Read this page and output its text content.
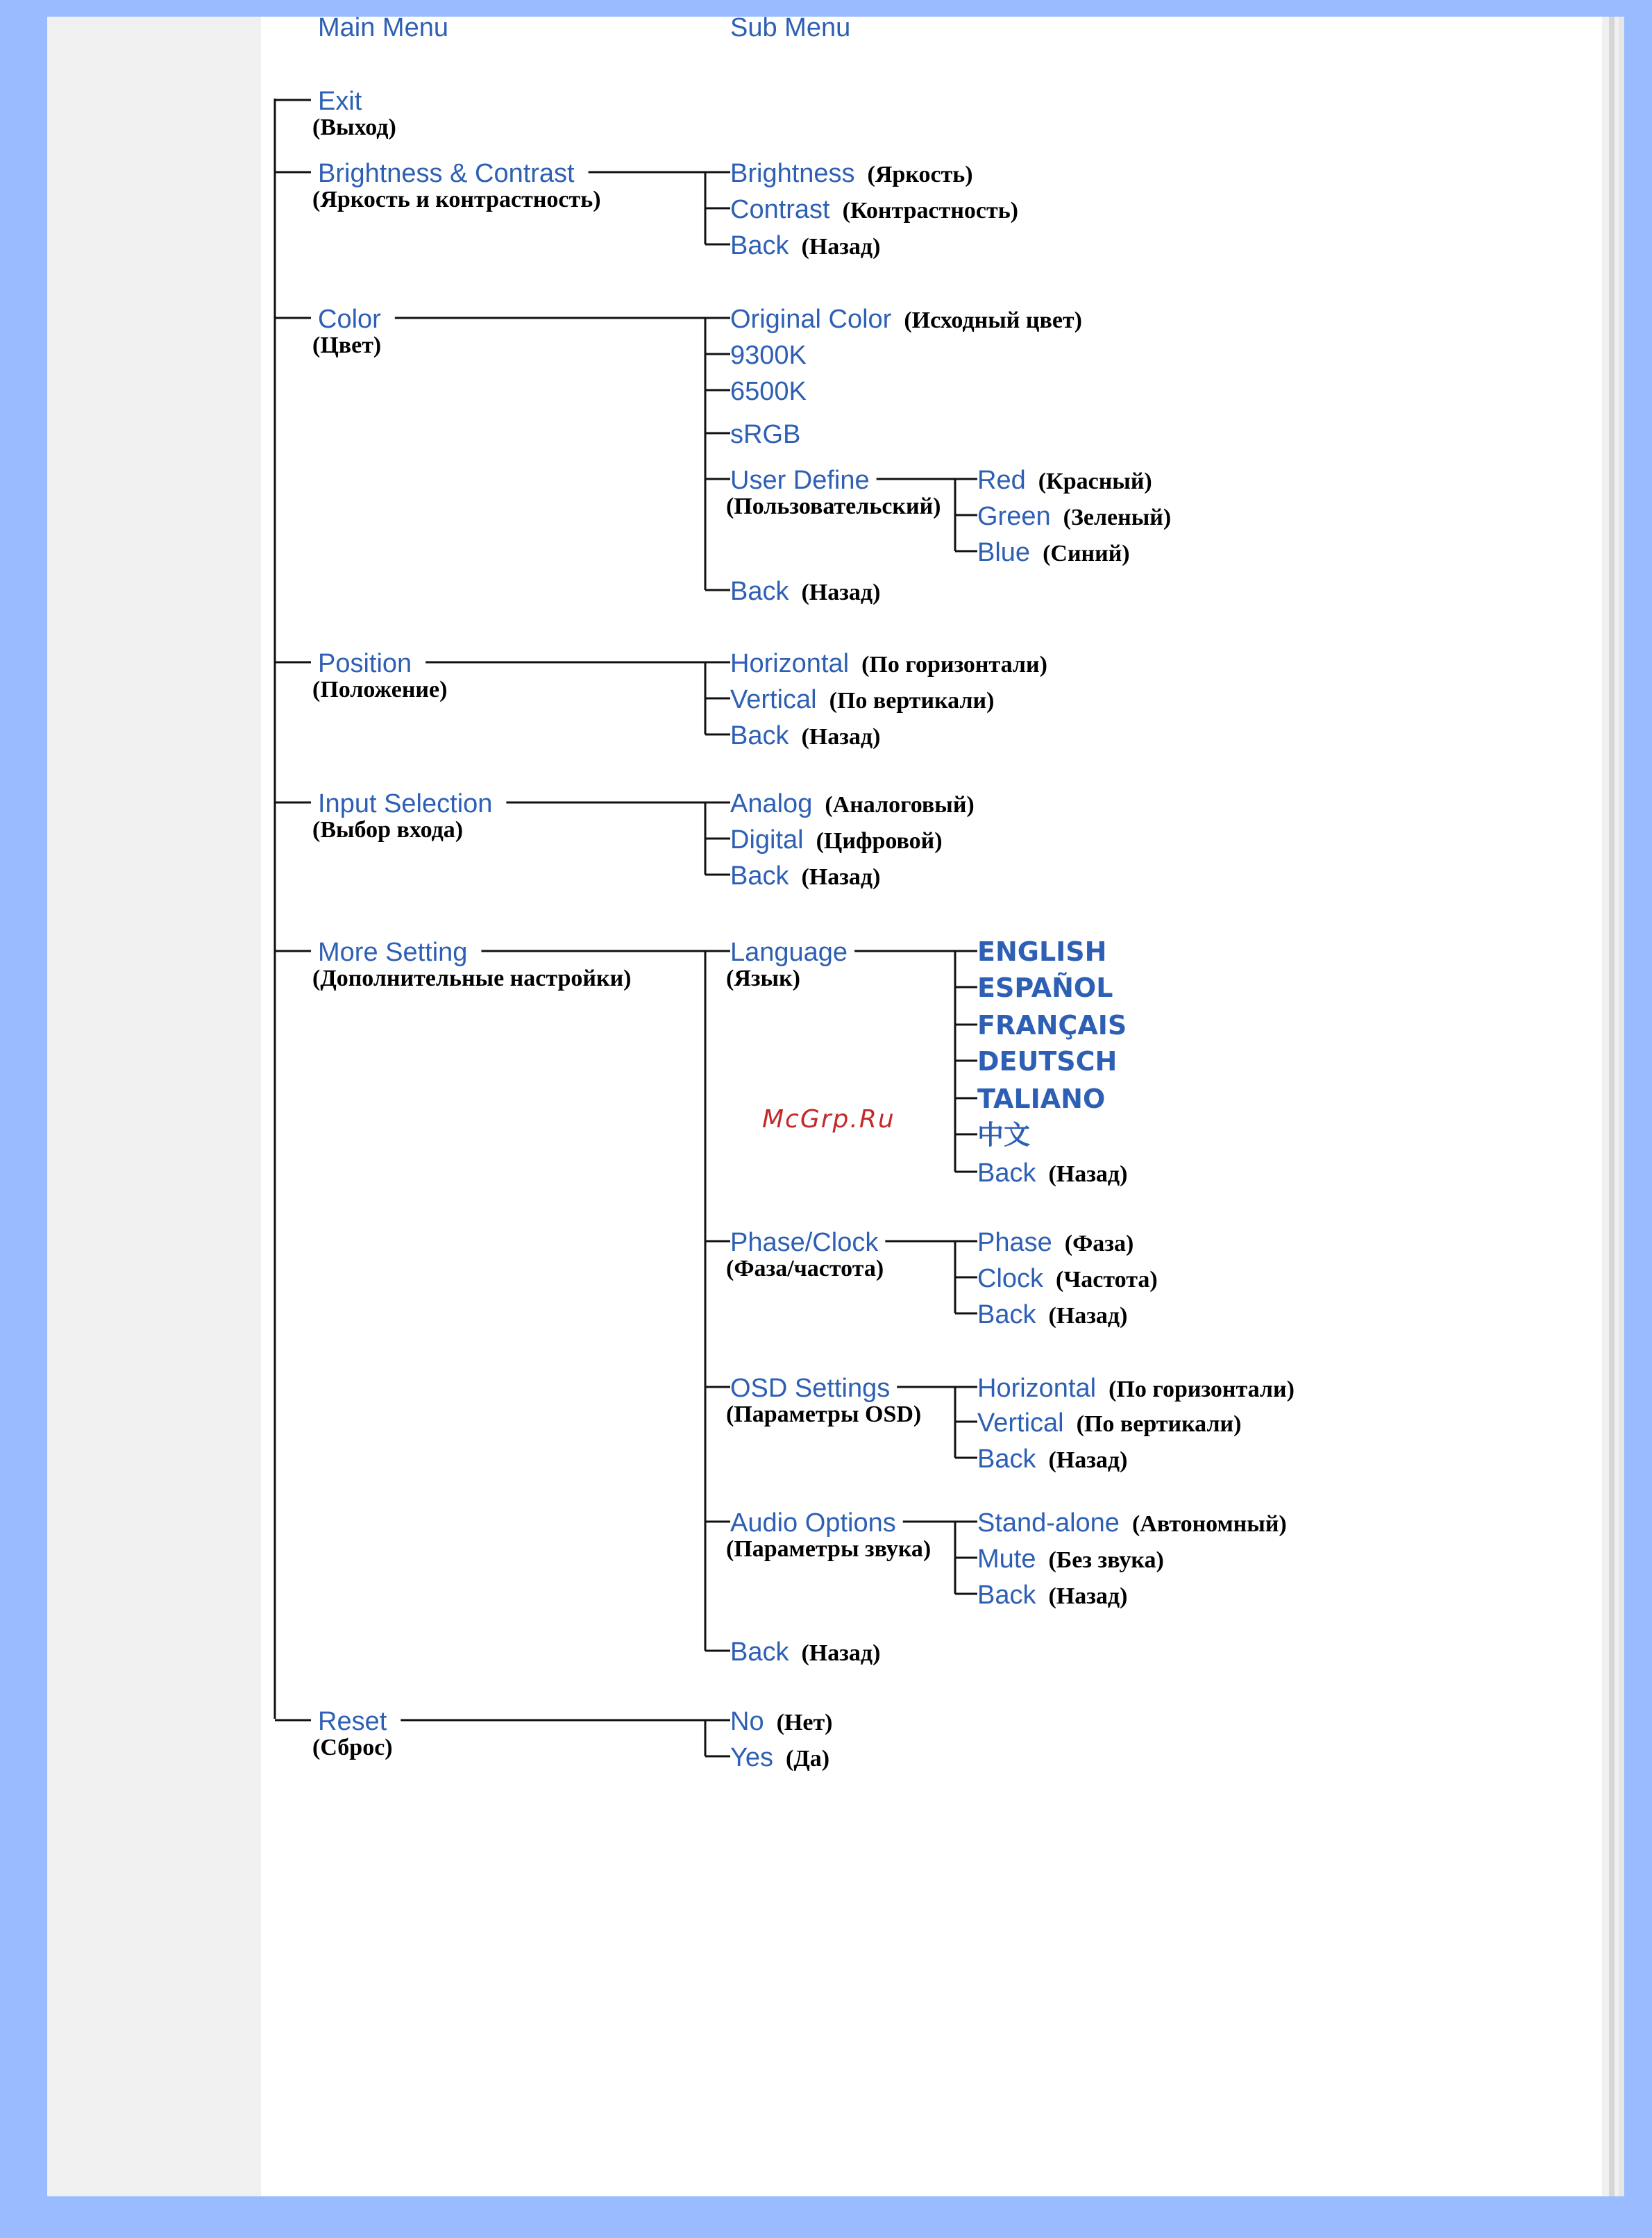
Main Menu	Sub Menu
Exit
(Выход)
Brightness & Contrast
(Яркость и контрастность)
Brightness (Яркость)
Contrast (Контрастность)
Back (Назад)
Color
(Цвет)
Original Color (Исходный цвет)
9300K
6500K
sRGB
User Define
(Пользовательский)
Red (Красный)
Green (Зеленый)
Blue (Синий)
Back (Назад)
Position
(Положение)
Horizontal (По горизонтали)
Vertical (По вертикали)
Back (Назад)
Input Selection
(Выбор входа)
Analog (Аналоговый)
Digital (Цифровой)
Back (Назад)
More Setting
(Дополнительные настройки)
Language
(Язык)
ENGLISH
ESPAÑOL
FRANÇAIS
DEUTSCH
TALIANO
中文
Back (Назад)
Phase/Clock
(Фаза/частота)
Phase (Фаза)
Clock (Частота)
Back (Назад)
OSD Settings
(Параметры OSD)
Horizontal (По горизонтали)
Vertical (По вертикали)
Back (Назад)
Audio Options
(Параметры звука)
Stand-alone (Автономный)
Mute (Без звука)
Back (Назад)
Back (Назад)
Reset
(Сброс)
No (Нет)
Yes (Да)
McGrp.Ru
